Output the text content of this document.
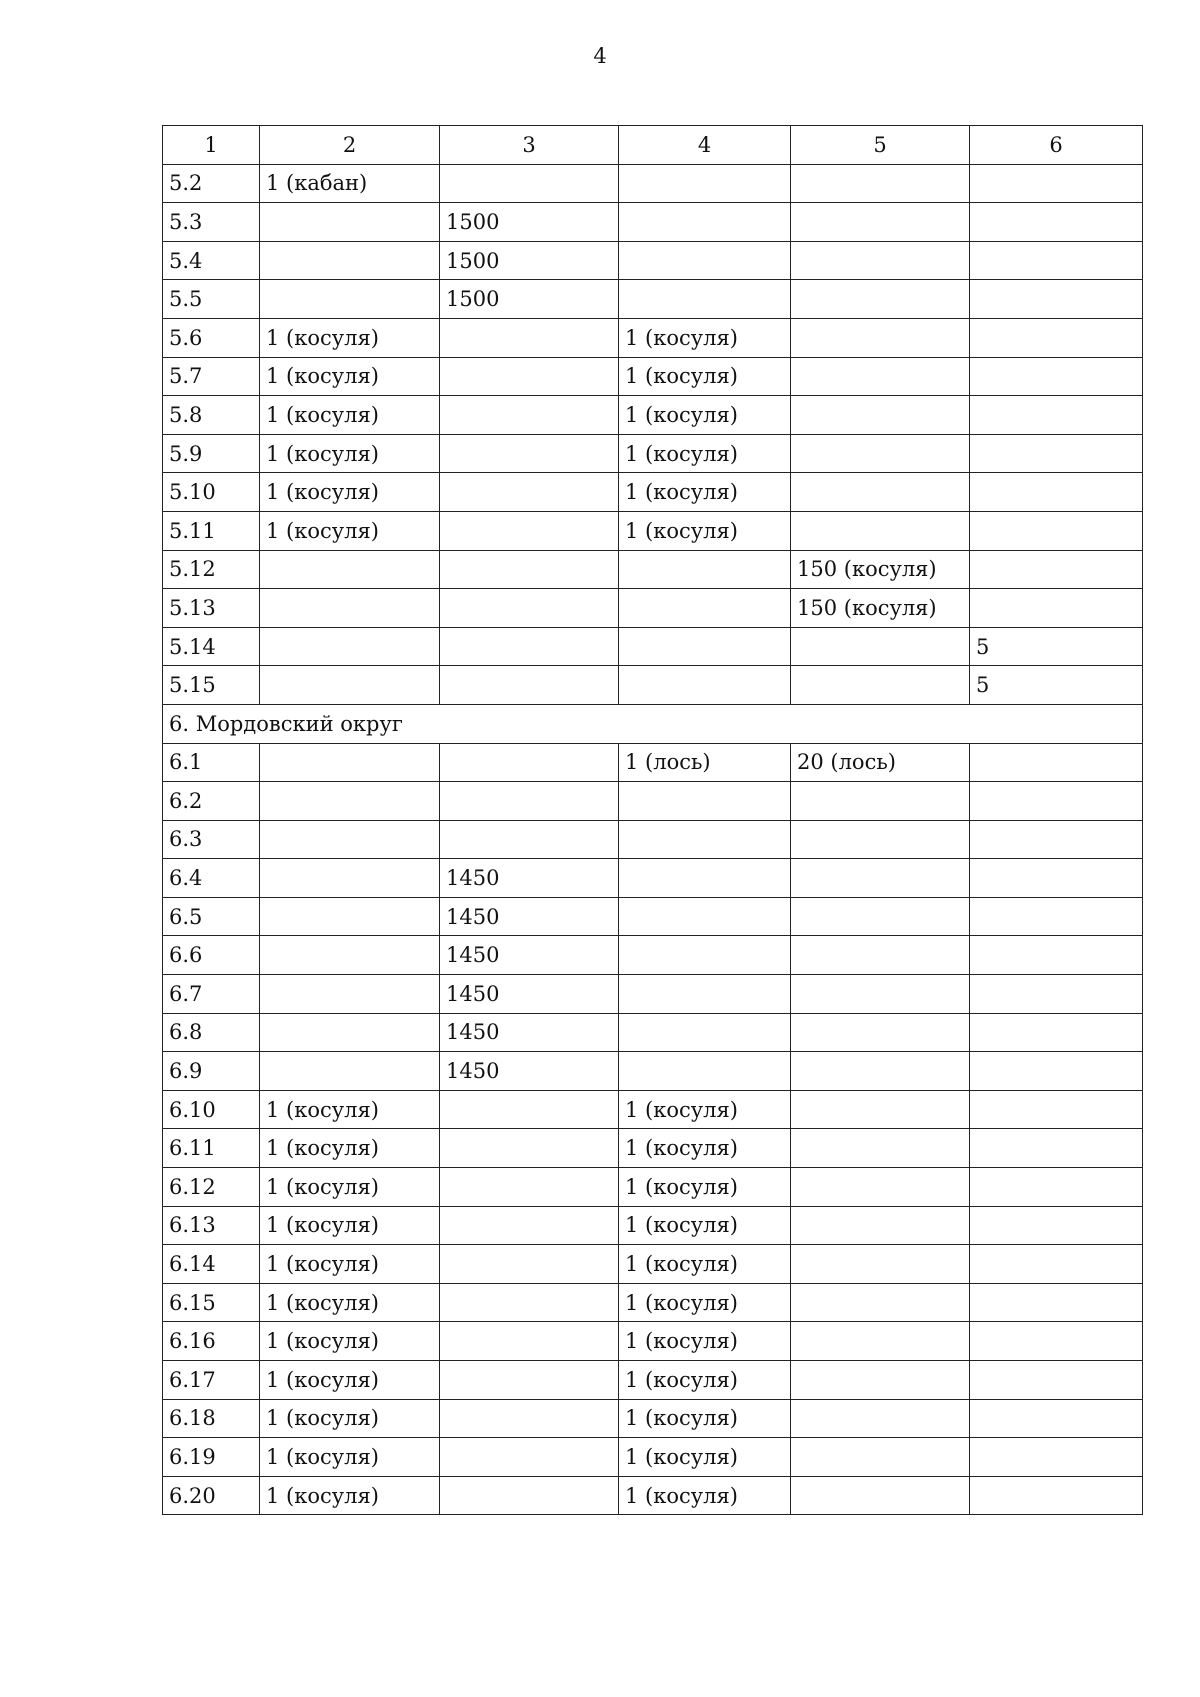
4
1	2	3	4	5	6
5.2	1 (кабан)				
5.3		1500			
5.4		1500			
5.5		1500			
5.6	1 (косуля)		1 (косуля)		
5.7	1 (косуля)		1 (косуля)		
5.8	1 (косуля)		1 (косуля)		
5.9	1 (косуля)		1 (косуля)		
5.10	1 (косуля)		1 (косуля)		
5.11	1 (косуля)		1 (косуля)		
5.12				150 (косуля)	
5.13				150 (косуля)	
5.14					5
5.15					5
6. Мордовский округ					
6.1			1 (лось)	20 (лось)	
6.2					
6.3					
6.4		1450			
6.5		1450			
6.6		1450			
6.7		1450			
6.8		1450			
6.9		1450			
6.10	1 (косуля)		1 (косуля)		
6.11	1 (косуля)		1 (косуля)		
6.12	1 (косуля)		1 (косуля)		
6.13	1 (косуля)		1 (косуля)		
6.14	1 (косуля)		1 (косуля)		
6.15	1 (косуля)		1 (косуля)		
6.16	1 (косуля)		1 (косуля)		
6.17	1 (косуля)		1 (косуля)		
6.18	1 (косуля)		1 (косуля)		
6.19	1 (косуля)		1 (косуля)		
6.20	1 (косуля)		1 (косуля)		
